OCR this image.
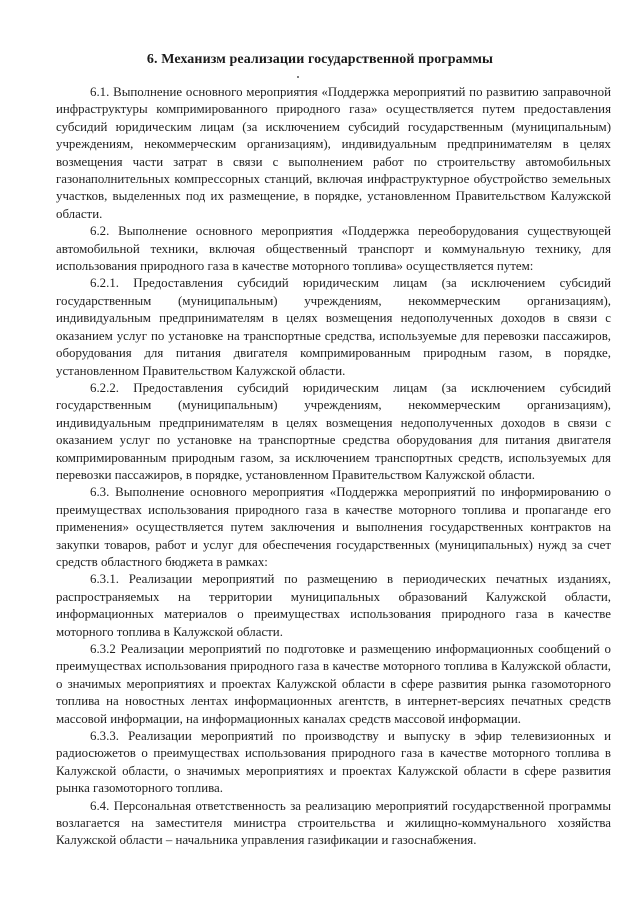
6. Механизм реализации государственной программы

6.1. Выполнение основного мероприятия «Поддержка мероприятий по развитию заправочной инфраструктуры компримированного природного газа» осуществляется путем предоставления субсидий юридическим лицам (за исключением субсидий государственным (муниципальным) учреждениям, некоммерческим организациям), индивидуальным предпринимателям в целях возмещения части затрат в связи с выполнением работ по строительству автомобильных газонаполнительных компрессорных станций, включая инфраструктурное обустройство земельных участков, выделенных под их размещение, в порядке, установленном Правительством Калужской области.

6.2. Выполнение основного мероприятия «Поддержка переоборудования существующей автомобильной техники, включая общественный транспорт и коммунальную технику, для использования природного газа в качестве моторного топлива» осуществляется путем:

6.2.1. Предоставления субсидий юридическим лицам (за исключением субсидий государственным (муниципальным) учреждениям, некоммерческим организациям), индивидуальным предпринимателям в целях возмещения недополученных доходов в связи с оказанием услуг по установке на транспортные средства, используемые для перевозки пассажиров, оборудования для питания двигателя компримированным природным газом, в порядке, установленном Правительством Калужской области.

6.2.2. Предоставления субсидий юридическим лицам (за исключением субсидий государственным (муниципальным) учреждениям, некоммерческим организациям), индивидуальным предпринимателям в целях возмещения недополученных доходов в связи с оказанием услуг по установке на транспортные средства оборудования для питания двигателя компримированным природным газом, за исключением транспортных средств, используемых для перевозки пассажиров, в порядке, установленном Правительством Калужской области.

6.3. Выполнение основного мероприятия «Поддержка мероприятий по информированию о преимуществах использования природного газа в качестве моторного топлива и пропаганде его применения» осуществляется путем заключения и выполнения государственных контрактов на закупки товаров, работ и услуг для обеспечения государственных (муниципальных) нужд за счет средств областного бюджета в рамках:

6.3.1. Реализации мероприятий по размещению в периодических печатных изданиях, распространяемых на территории муниципальных образований Калужской области, информационных материалов о преимуществах использования природного газа в качестве моторного топлива в Калужской области.

6.3.2 Реализации мероприятий по подготовке и размещению информационных сообщений о преимуществах использования природного газа в качестве моторного топлива в Калужской области, о значимых мероприятиях и проектах Калужской области в сфере развития рынка газомоторного топлива на новостных лентах информационных агентств, в интернет-версиях печатных средств массовой информации, на информационных каналах средств массовой информации.

6.3.3. Реализации мероприятий по производству и выпуску в эфир телевизионных и радиосюжетов о преимуществах использования природного газа в качестве моторного топлива в Калужской области, о значимых мероприятиях и проектах Калужской области в сфере развития рынка газомоторного топлива.

6.4. Персональная ответственность за реализацию мероприятий государственной программы возлагается на заместителя министра строительства и жилищно-коммунального хозяйства Калужской области – начальника управления газификации и газоснабжения.
